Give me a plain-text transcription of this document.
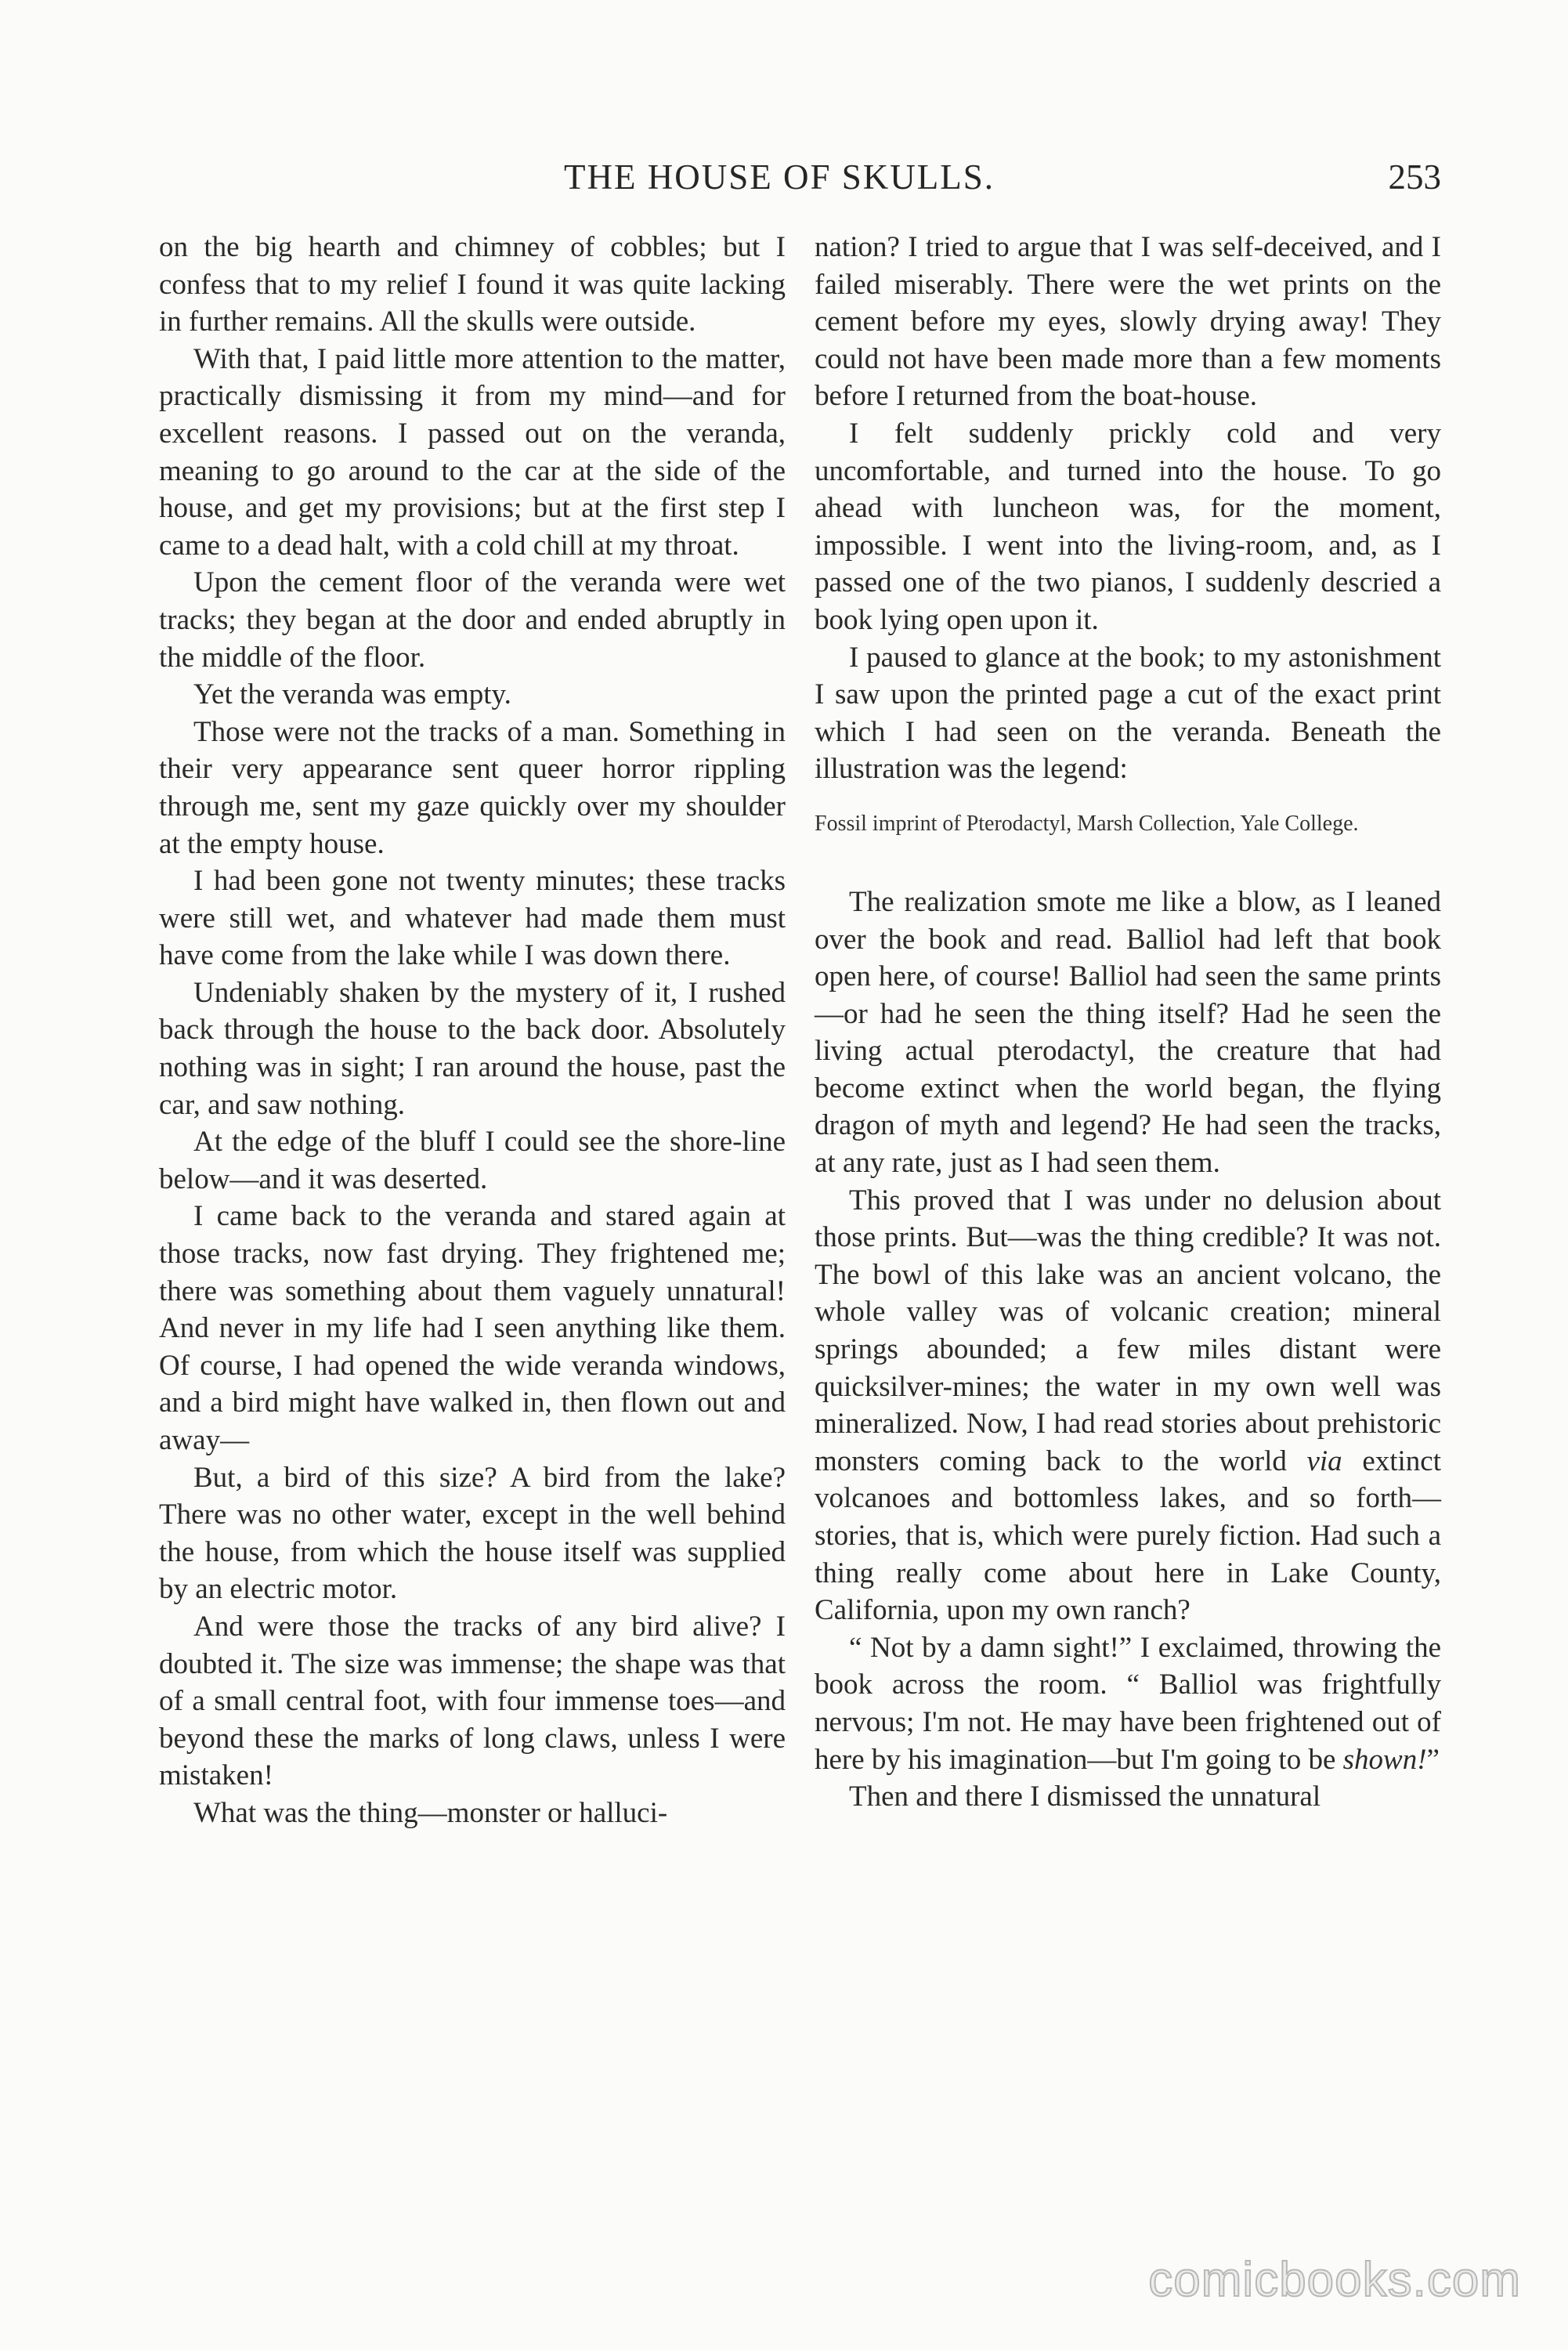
THE HOUSE OF SKULLS.	253

on the big hearth and chimney of cobbles; but I confess that to my relief I found it was quite lacking in further remains. All the skulls were outside.

With that, I paid little more attention to the matter, practically dismissing it from my mind—and for excellent reasons. I passed out on the veranda, meaning to go around to the car at the side of the house, and get my provisions; but at the first step I came to a dead halt, with a cold chill at my throat.

Upon the cement floor of the veranda were wet tracks; they began at the door and ended abruptly in the middle of the floor.

Yet the veranda was empty.

Those were not the tracks of a man. Something in their very appearance sent queer horror rippling through me, sent my gaze quickly over my shoulder at the empty house.

I had been gone not twenty minutes; these tracks were still wet, and whatever had made them must have come from the lake while I was down there.

Undeniably shaken by the mystery of it, I rushed back through the house to the back door. Absolutely nothing was in sight; I ran around the house, past the car, and saw nothing.

At the edge of the bluff I could see the shore-line below—and it was deserted.

I came back to the veranda and stared again at those tracks, now fast drying. They frightened me; there was something about them vaguely unnatural! And never in my life had I seen anything like them. Of course, I had opened the wide veranda windows, and a bird might have walked in, then flown out and away—

But, a bird of this size? A bird from the lake? There was no other water, except in the well behind the house, from which the house itself was supplied by an electric motor.

And were those the tracks of any bird alive? I doubted it. The size was immense; the shape was that of a small central foot, with four immense toes—and beyond these the marks of long claws, unless I were mistaken!

What was the thing—monster or halluci-

nation? I tried to argue that I was self-deceived, and I failed miserably. There were the wet prints on the cement before my eyes, slowly drying away! They could not have been made more than a few moments before I returned from the boat-house.

I felt suddenly prickly cold and very uncomfortable, and turned into the house. To go ahead with luncheon was, for the moment, impossible. I went into the living-room, and, as I passed one of the two pianos, I suddenly descried a book lying open upon it.

I paused to glance at the book; to my astonishment I saw upon the printed page a cut of the exact print which I had seen on the veranda. Beneath the illustration was the legend:

Fossil imprint of Pterodactyl, Marsh Collection, Yale College.

The realization smote me like a blow, as I leaned over the book and read. Balliol had left that book open here, of course! Balliol had seen the same prints—or had he seen the thing itself? Had he seen the living actual pterodactyl, the creature that had become extinct when the world began, the flying dragon of myth and legend? He had seen the tracks, at any rate, just as I had seen them.

This proved that I was under no delusion about those prints. But—was the thing credible? It was not. The bowl of this lake was an ancient volcano, the whole valley was of volcanic creation; mineral springs abounded; a few miles distant were quicksilver-mines; the water in my own well was mineralized. Now, I had read stories about prehistoric monsters coming back to the world via extinct volcanoes and bottomless lakes, and so forth—stories, that is, which were purely fiction. Had such a thing really come about here in Lake County, California, upon my own ranch?

“ Not by a damn sight!” I exclaimed, throwing the book across the room. “ Balliol was frightfully nervous; I'm not. He may have been frightened out of here by his imagination—but I'm going to be shown!”

Then and there I dismissed the unnatural

comicbooks.com
